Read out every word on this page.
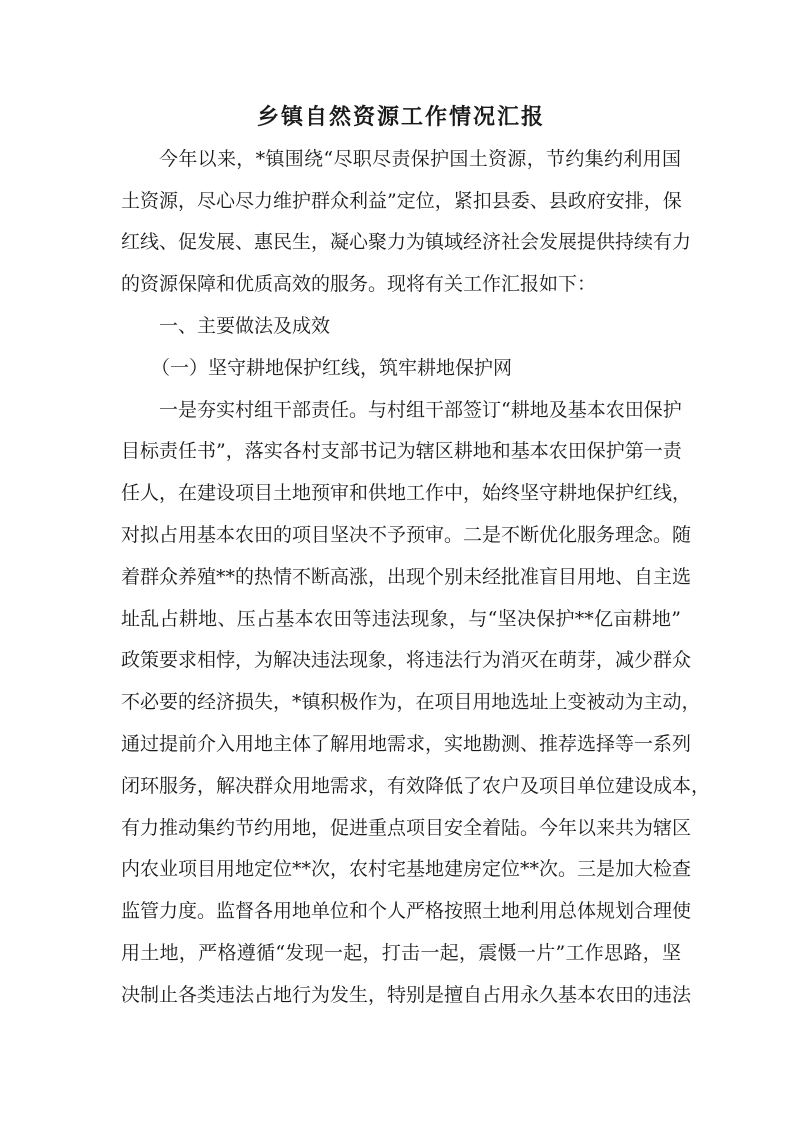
乡镇自然资源工作情况汇报
今年以来，*镇围绕“尽职尽责保护国土资源，节约集约利用国
土资源，尽心尽力维护群众利益”定位，紧扣县委、县政府安排，保
红线、促发展、惠民生，凝心聚力为镇域经济社会发展提供持续有力
的资源保障和优质高效的服务。现将有关工作汇报如下：
一、主要做法及成效
（一）坚守耕地保护红线，筑牢耕地保护网
一是夯实村组干部责任。与村组干部签订“耕地及基本农田保护
目标责任书”，落实各村支部书记为辖区耕地和基本农田保护第一责
任人，在建设项目土地预审和供地工作中，始终坚守耕地保护红线，
对拟占用基本农田的项目坚决不予预审。二是不断优化服务理念。随
着群众养殖**的热情不断高涨，出现个别未经批准盲目用地、自主选
址乱占耕地、压占基本农田等违法现象，与“坚决保护**亿亩耕地”
政策要求相悖，为解决违法现象，将违法行为消灭在萌芽，减少群众
不必要的经济损失，*镇积极作为，在项目用地选址上变被动为主动，
通过提前介入用地主体了解用地需求，实地勘测、推荐选择等一系列
闭环服务，解决群众用地需求，有效降低了农户及项目单位建设成本，
有力推动集约节约用地，促进重点项目安全着陆。今年以来共为辖区
内农业项目用地定位**次，农村宅基地建房定位**次。三是加大检查
监管力度。监督各用地单位和个人严格按照土地利用总体规划合理使
用土地，严格遵循“发现一起，打击一起，震慑一片”工作思路，坚
决制止各类违法占地行为发生，特别是擅自占用永久基本农田的违法
